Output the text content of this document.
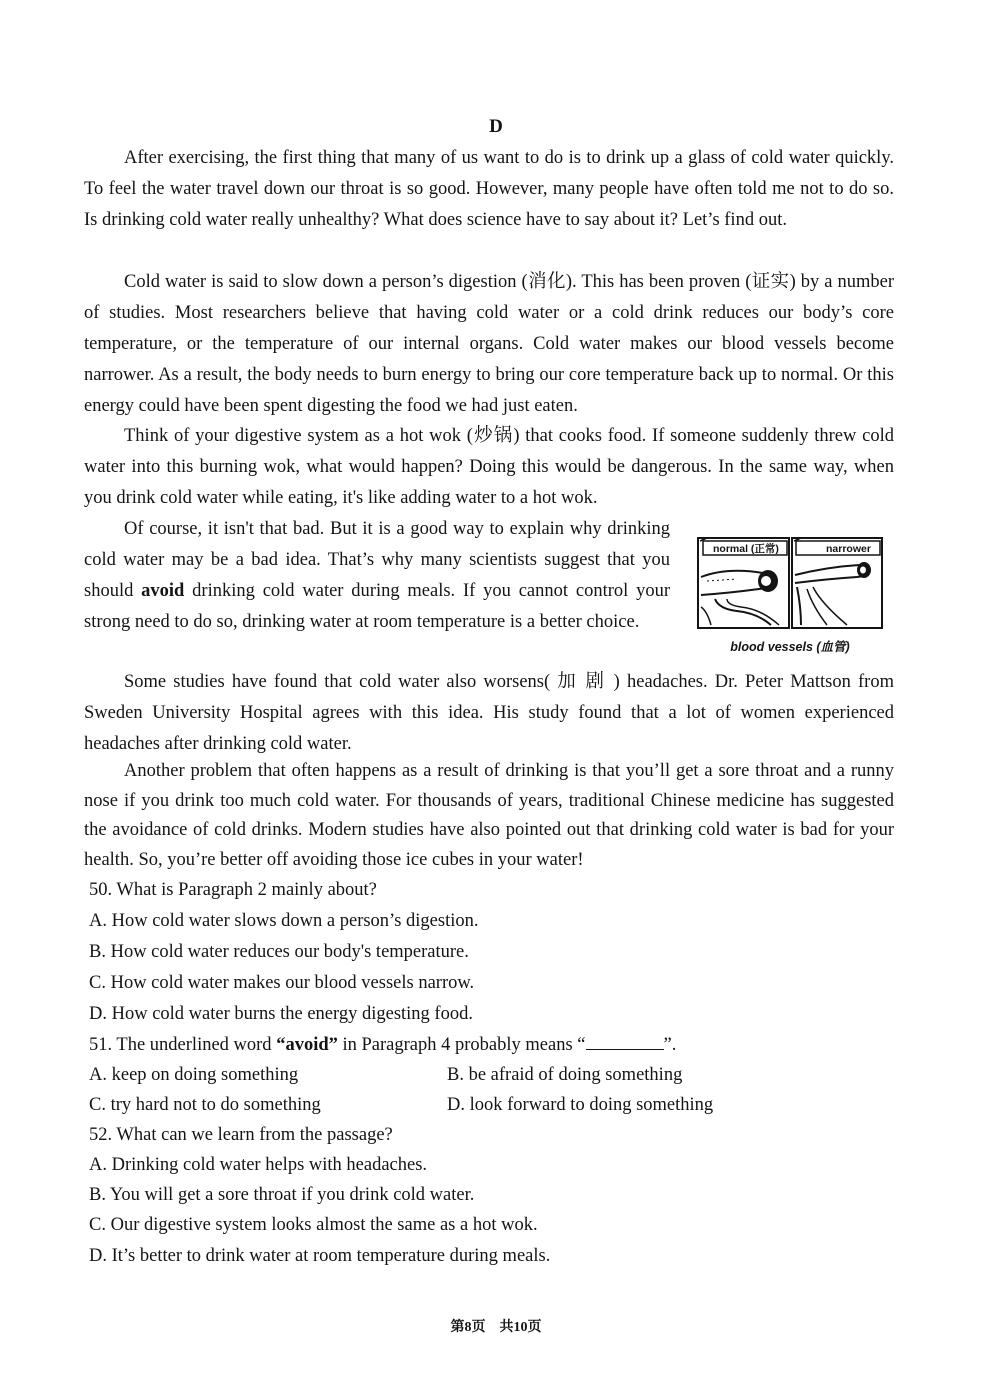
D

After exercising, the first thing that many of us want to do is to drink up a glass of cold water quickly. To feel the water travel down our throat is so good. However, many people have often told me not to do so. Is drinking cold water really unhealthy? What does science have to say about it? Let’s find out.

Cold water is said to slow down a person’s digestion (消化). This has been proven (证实) by a number of studies. Most researchers believe that having cold water or a cold drink reduces our body’s core temperature, or the temperature of our internal organs. Cold water makes our blood vessels become narrower. As a result, the body needs to burn energy to bring our core temperature back up to normal. Or this energy could have been spent digesting the food we had just eaten.

Think of your digestive system as a hot wok (炒锅) that cooks food. If someone suddenly threw cold water into this burning wok, what would happen? Doing this would be dangerous. In the same way, when you drink cold water while eating, it's like adding water to a hot wok.

Of course, it isn't that bad. But it is a good way to explain why drinking cold water may be a bad idea. That’s why many scientists suggest that you should avoid drinking cold water during meals. If you cannot control your strong need to do so, drinking water at room temperature is a better choice.

normal (正常)	narrower
blood vessels (血管)

Some studies have found that cold water also worsens( 加 剧 ) headaches. Dr. Peter Mattson from Sweden University Hospital agrees with this idea. His study found that a lot of women experienced headaches after drinking cold water.

Another problem that often happens as a result of drinking is that you’ll get a sore throat and a runny nose if you drink too much cold water. For thousands of years, traditional Chinese medicine has suggested the avoidance of cold drinks. Modern studies have also pointed out that drinking cold water is bad for your health. So, you’re better off avoiding those ice cubes in your water!

50. What is Paragraph 2 mainly about?
A. How cold water slows down a person’s digestion.
B. How cold water reduces our body's temperature.
C. How cold water makes our blood vessels narrow.
D. How cold water burns the energy digesting food.
51. The underlined word “avoid” in Paragraph 4 probably means “	”.
A. keep on doing something	B. be afraid of doing something
C. try hard not to do something	D. look forward to doing something
52. What can we learn from the passage?
A. Drinking cold water helps with headaches.
B. You will get a sore throat if you drink cold water.
C. Our digestive system looks almost the same as a hot wok.
D. It’s better to drink water at room temperature during meals.
第8页　共10页
